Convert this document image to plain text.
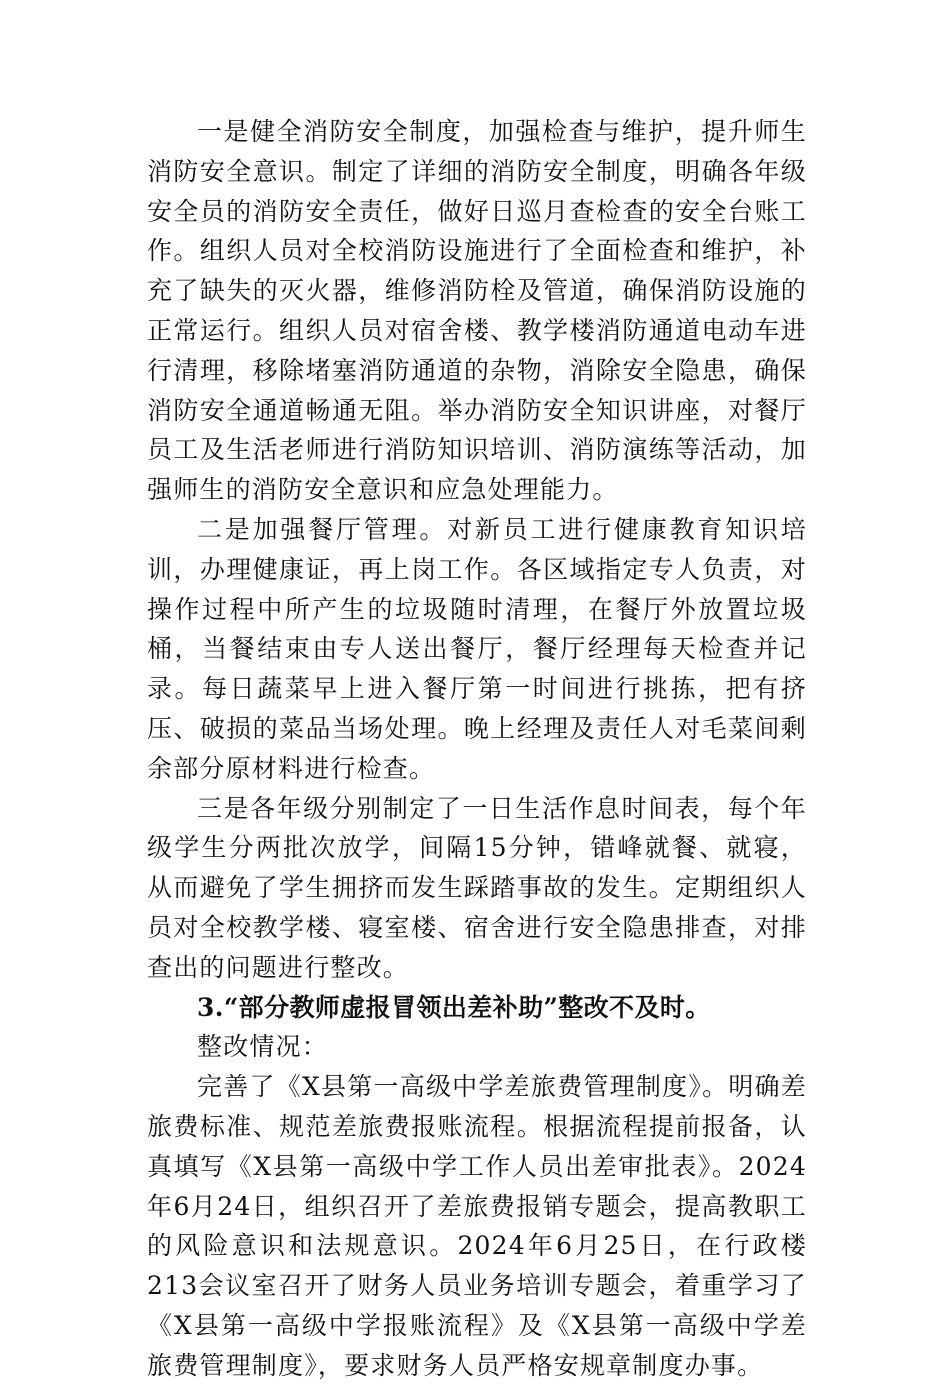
一是健全消防安全制度，加强检查与维护，提升师生消防安全意识。制定了详细的消防安全制度，明确各年级安全员的消防安全责任，做好日巡月查检查的安全台账工作。组织人员对全校消防设施进行了全面检查和维护，补充了缺失的灭火器，维修消防栓及管道，确保消防设施的正常运行。组织人员对宿舍楼、教学楼消防通道电动车进行清理，移除堵塞消防通道的杂物，消除安全隐患，确保消防安全通道畅通无阻。举办消防安全知识讲座，对餐厅员工及生活老师进行消防知识培训、消防演练等活动，加强师生的消防安全意识和应急处理能力。

二是加强餐厅管理。对新员工进行健康教育知识培训，办理健康证，再上岗工作。各区域指定专人负责，对操作过程中所产生的垃圾随时清理，在餐厅外放置垃圾桶，当餐结束由专人送出餐厅，餐厅经理每天检查并记录。每日蔬菜早上进入餐厅第一时间进行挑拣，把有挤压、破损的菜品当场处理。晚上经理及责任人对毛菜间剩余部分原材料进行检查。

三是各年级分别制定了一日生活作息时间表，每个年级学生分两批次放学，间隔15分钟，错峰就餐、就寝，从而避免了学生拥挤而发生踩踏事故的发生。定期组织人员对全校教学楼、寝室楼、宿舍进行安全隐患排查，对排查出的问题进行整改。

3.“部分教师虚报冒领出差补助”整改不及时。

整改情况：

完善了《X县第一高级中学差旅费管理制度》。明确差旅费标准、规范差旅费报账流程。根据流程提前报备，认真填写《X县第一高级中学工作人员出差审批表》。2024年6月24日，组织召开了差旅费报销专题会，提高教职工的风险意识和法规意识。2024年6月25日，在行政楼213会议室召开了财务人员业务培训专题会，着重学习了《X县第一高级中学报账流程》及《X县第一高级中学差旅费管理制度》，要求财务人员严格安规章制度办事。
